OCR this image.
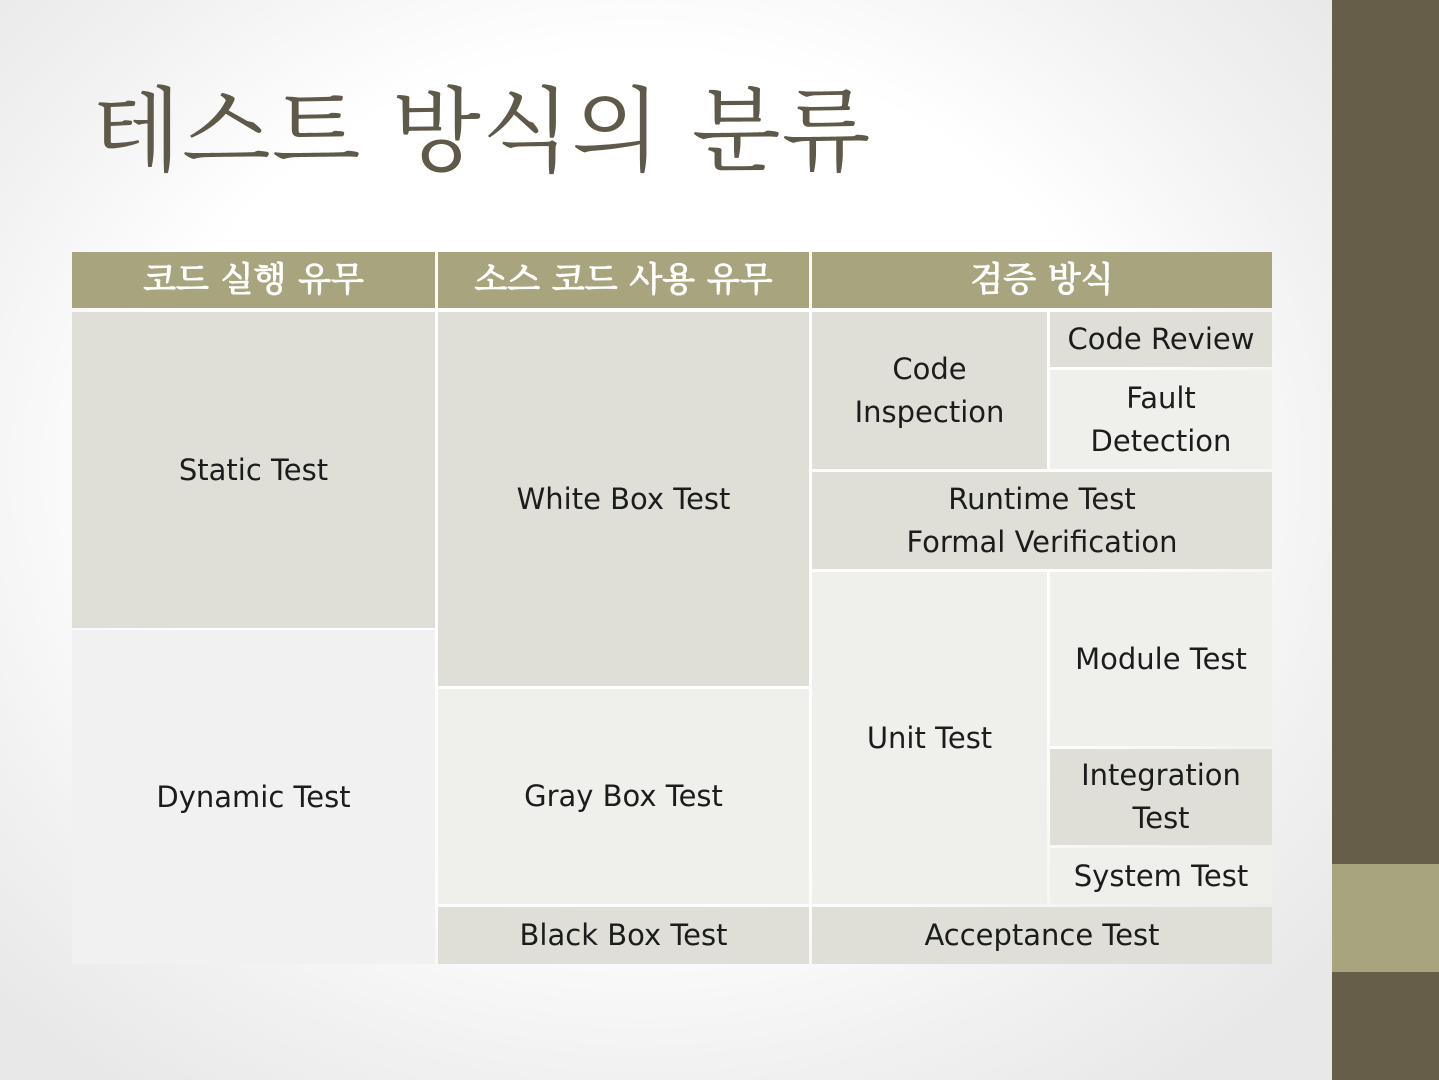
테스트 방식의 분류
코드 실행 유무	소스 코드 사용 유무	검증 방식
Static Test
Dynamic Test
White Box Test
Gray Box Test
Black Box Test
Code
Inspection
Code Review
Fault
Detection
Runtime Test
Formal Verification
Unit Test
Module Test
Integration
Test
System Test
Acceptance Test
